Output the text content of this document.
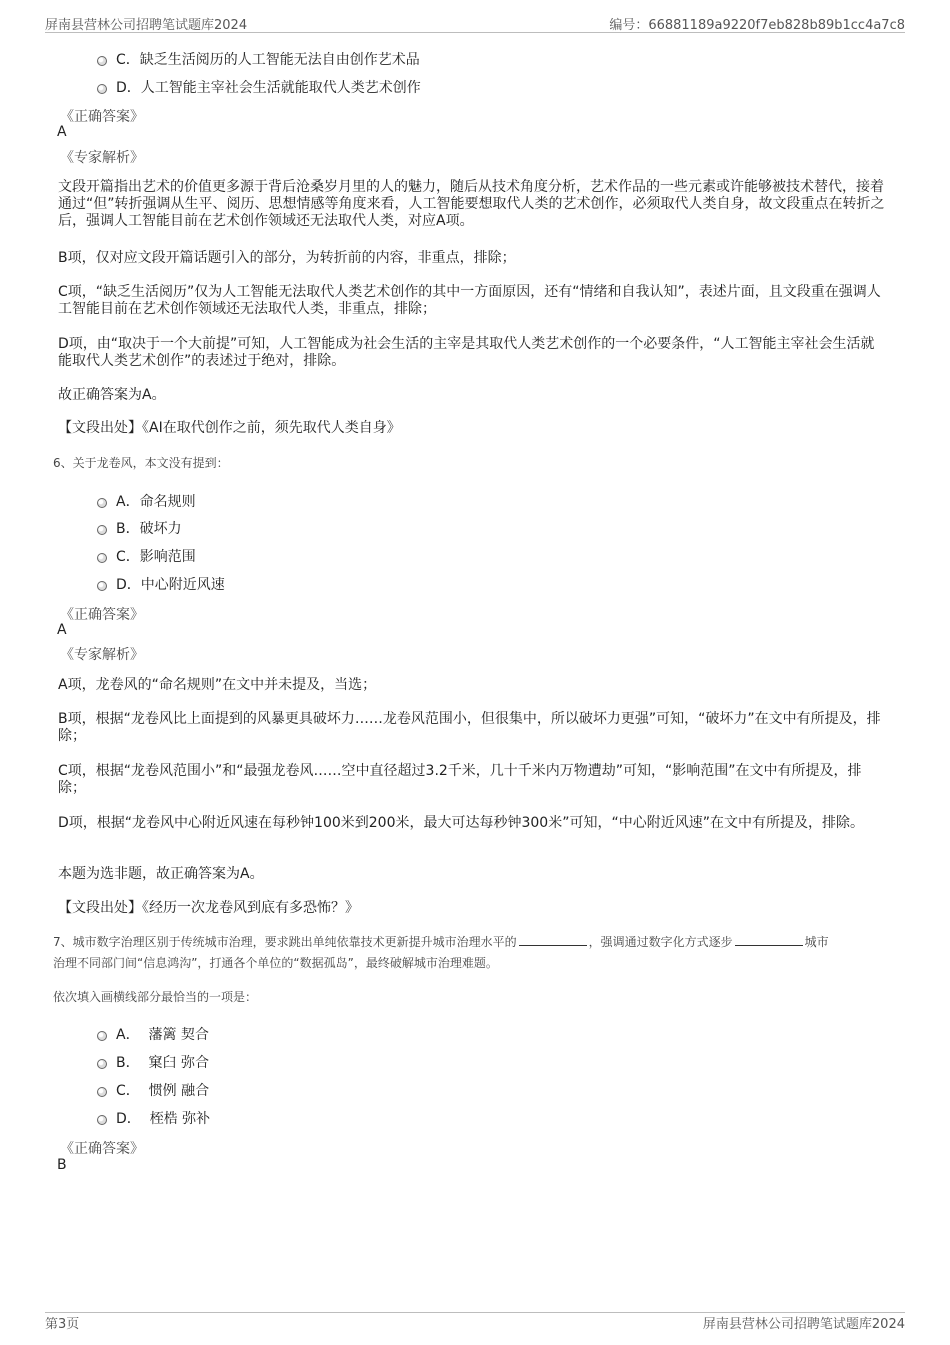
屏南县营林公司招聘笔试题库2024	编号：66881189a9220f7eb828b89b1cc4a7c8
C． 缺乏生活阅历的人工智能无法自由创作艺术品
D． 人工智能主宰社会生活就能取代人类艺术创作
《正确答案》
A
《专家解析》
文段开篇指出艺术的价值更多源于背后沧桑岁月里的人的魅力，随后从技术角度分析，艺术作品的一些元素或许能够被技术替代，接着通过“但”转折强调从生平、阅历、思想情感等角度来看，人工智能要想取代人类的艺术创作，必须取代人类自身，故文段重点在转折之后，强调人工智能目前在艺术创作领域还无法取代人类，对应A项。
B项，仅对应文段开篇话题引入的部分，为转折前的内容，非重点，排除；
C项，“缺乏生活阅历”仅为人工智能无法取代人类艺术创作的其中一方面原因，还有“情绪和自我认知”，表述片面，且文段重在强调人工智能目前在艺术创作领域还无法取代人类，非重点，排除；
D项，由“取决于一个大前提”可知，人工智能成为社会生活的主宰是其取代人类艺术创作的一个必要条件，“人工智能主宰社会生活就能取代人类艺术创作”的表述过于绝对，排除。
故正确答案为A。
【文段出处】《AI在取代创作之前，须先取代人类自身》
6、关于龙卷风，本文没有提到：
A． 命名规则
B． 破坏力
C． 影响范围
D． 中心附近风速
《正确答案》
A
《专家解析》
A项，龙卷风的“命名规则”在文中并未提及，当选；
B项，根据“龙卷风比上面提到的风暴更具破坏力……龙卷风范围小，但很集中，所以破坏力更强”可知，“破坏力”在文中有所提及，排除；
C项，根据“龙卷风范围小”和“最强龙卷风……空中直径超过3.2千米，几十千米内万物遭劫”可知，“影响范围”在文中有所提及，排除；
D项，根据“龙卷风中心附近风速在每秒钟100米到200米，最大可达每秒钟300米”可知，“中心附近风速”在文中有所提及，排除。
本题为选非题，故正确答案为A。
【文段出处】《经历一次龙卷风到底有多恐怖？》
7、城市数字治理区别于传统城市治理，要求跳出单纯依靠技术更新提升城市治理水平的	，强调通过数字化方式逐步	城市
治理不同部门间“信息鸿沟”，打通各个单位的“数据孤岛”，最终破解城市治理难题。
依次填入画横线部分最恰当的一项是：
A．
藩篱 契合
B．
窠臼 弥合
C．
惯例 融合
D．
桎梏 弥补
《正确答案》
B
第3页	屏南县营林公司招聘笔试题库2024
